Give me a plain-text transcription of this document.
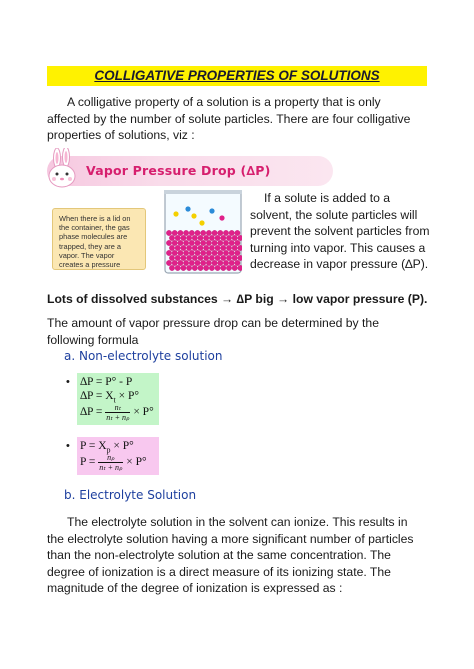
COLLIGATIVE PROPERTIES OF SOLUTIONS
A colligative property of a solution is a property that is only affected by the number of solute particles. There are four colligative properties of solutions, viz :
Vapor Pressure Drop (∆P)
When there is a lid on the container, the gas phase molecules are trapped, they are a vapor. The vapor creates a pressure
If a solute is added to a
solvent, the solute particles will
prevent the solvent particles from
turning into vapor. This causes a
decrease in vapor pressure (∆P).
Lots of dissolved substances → ∆P big → low vapor pressure (P).
The amount of vapor pressure drop can be determined by the following formula
a. Non-electrolyte solution
• ∆P = P° - P
$\Delta P = X_t \times P^\circ$
$\Delta P = \frac{\text{nₜ}}{\text{nₜ + nₚ}} \times P^\circ$
• $P = X_p \times P^\circ$
$P = \frac{\text{nₚ}}{\text{nₜ + nₚ}} \times P^\circ$
b. Electrolyte Solution
The electrolyte solution in the solvent can ionize. This results in the electrolyte solution having a more significant number of particles than the non-electrolyte solution at the same concentration. The degree of ionization is a direct measure of its ionizing state. The magnitude of the degree of ionization is expressed as :
